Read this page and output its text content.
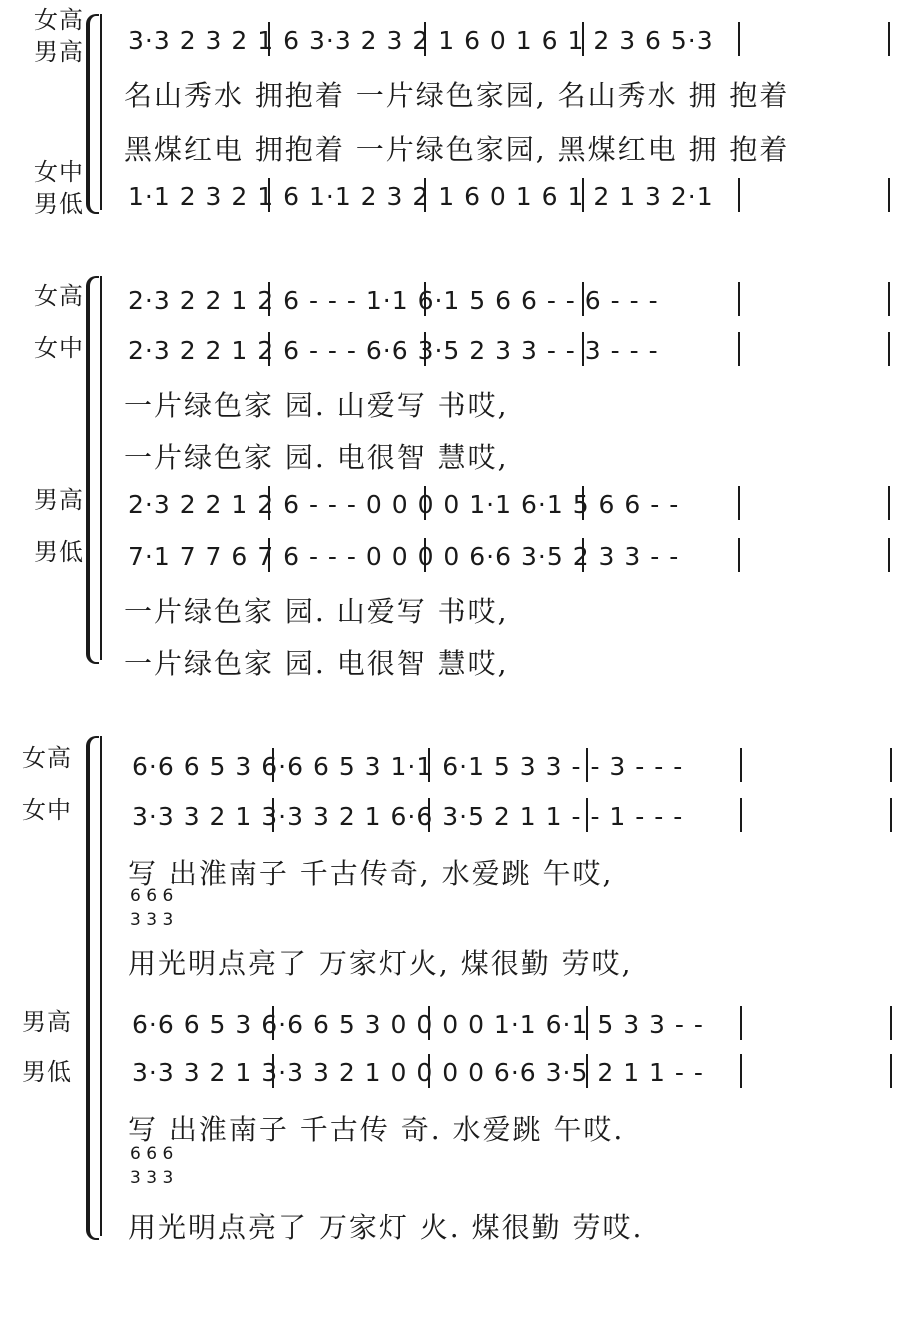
女高
男高
女中
男低
3·3 2 3 2 1 6 3·3 2 3 2 1 6 0 1 6 1 2 3 6 5·3
名山秀水 拥抱着 一片绿色家园, 名山秀水 拥 抱着
黑煤红电 拥抱着 一片绿色家园, 黑煤红电 拥 抱着
1·1 2 3 2 1 6 1·1 2 3 2 1 6 0 1 6 1 2 1 3 2·1
女高
女中
男高
男低
2·3 2 2 1 2 6 - - - 1·1 6·1 5 6 6 - - 6 - - -
2·3 2 2 1 2 6 - - - 6·6 3·5 2 3 3 - - 3 - - -
一片绿色家 园. 山爱写 书哎,
一片绿色家 园. 电很智 慧哎,
2·3 2 2 1 2 6 - - - 0 0 0 0 1·1 6·1 5 6 6 - -
7·1 7 7 6 7 6 - - - 0 0 0 0 6·6 3·5 2 3 3 - -
一片绿色家 园. 山爱写 书哎,
一片绿色家 园. 电很智 慧哎,
女高
女中
男高
男低
6·6 6 5 3 6·6 6 5 3 1·1 6·1 5 3 3 - - 3 - - -
3·3 3 2 1 3·3 3 2 1 6·6 3·5 2 1 1 - - 1 - - -
写 出淮南子 千古传奇, 水爱跳 午哎,
6 6 6
3 3 3
用光明点亮了 万家灯火, 煤很勤 劳哎,
6·6 6 5 3 6·6 6 5 3 0 0 0 0 1·1 6·1 5 3 3 - -
3·3 3 2 1 3·3 3 2 1 0 0 0 0 6·6 3·5 2 1 1 - -
写 出淮南子 千古传 奇. 水爱跳 午哎.
6 6 6
3 3 3
用光明点亮了 万家灯 火. 煤很勤 劳哎.
